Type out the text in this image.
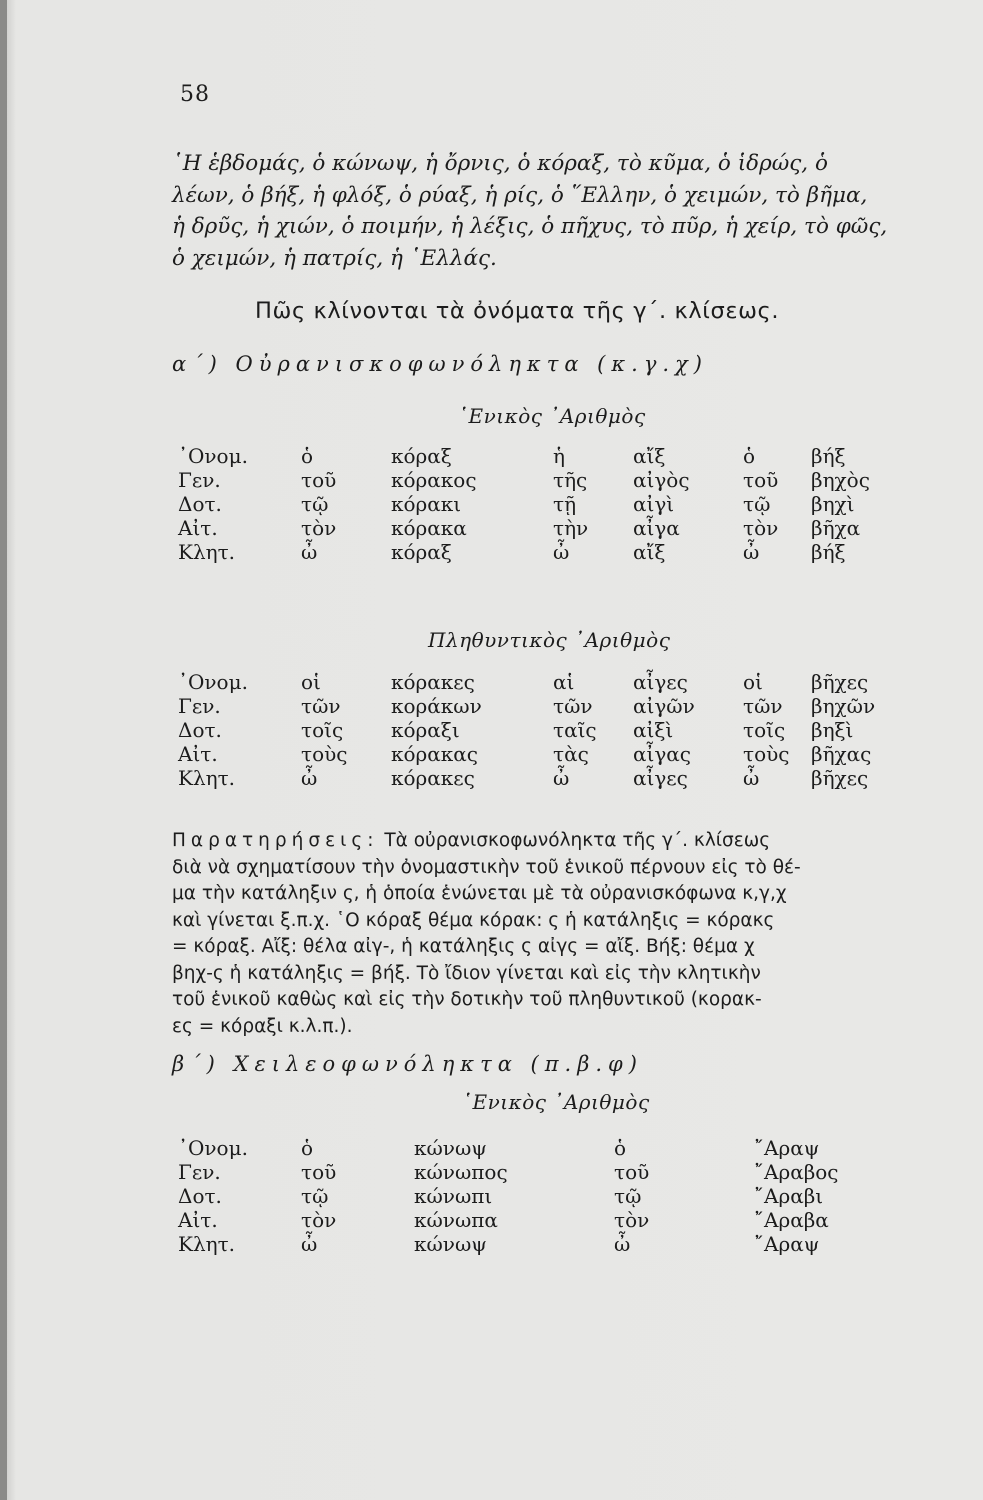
58
῾Η ἑβδομάς, ὁ κώνωψ, ἡ ὄρνις, ὁ κόραξ, τὸ κῦμα, ὁ ἱδρώς, ὁ
λέων, ὁ βήξ, ἡ φλόξ, ὁ ρύαξ, ἡ ρίς, ὁ ῞Ελλην, ὁ χειμών, τὸ βῆμα,
ἡ δρῦς, ἡ χιών, ὁ ποιμήν, ἡ λέξις, ὁ πῆχυς, τὸ πῦρ, ἡ χείρ, τὸ φῶς,
ὁ χειμών, ἡ πατρίς, ἡ ῾Ελλάς.
Πῶς κλίνονται τὰ ὀνόματα τῆς γ΄. κλίσεως.
α΄) Οὐρανισκοφωνόληκτα (κ.γ.χ)
῾Ενικὸς ᾿Αριθμὸς
᾿Ονομ.	ὁ	κόραξ	ἡ	αἴξ	ὁ	βήξ
Γεν.	τοῦ	κόρακος	τῆς	αἰγὸς	τοῦ	βηχὸς
Δοτ.	τῷ	κόρακι	τῇ	αἰγὶ	τῷ	βηχὶ
Αἰτ.	τὸν	κόρακα	τὴν	αἶγα	τὸν	βῆχα
Κλητ.	ὦ	κόραξ	ὦ	αἴξ	ὦ	βήξ
Πληθυντικὸς ᾿Αριθμὸς
᾿Ονομ.	οἱ	κόρακες	αἱ	αἶγες	οἱ	βῆχες
Γεν.	τῶν	κοράκων	τῶν	αἰγῶν	τῶν	βηχῶν
Δοτ.	τοῖς	κόραξι	ταῖς	αἰξὶ	τοῖς	βηξὶ
Αἰτ.	τοὺς	κόρακας	τὰς	αἶγας	τοὺς	βῆχας
Κλητ.	ὦ	κόρακες	ὦ	αἶγες	ὦ	βῆχες
Παρατηρήσεις: Τὰ οὐρανισκοφωνόληκτα τῆς γ΄. κλίσεως
διὰ νὰ σχηματίσουν τὴν ὀνομαστικὴν τοῦ ἑνικοῦ πέρνουν εἰς τὸ θέ-
μα τὴν κατάληξιν ς, ἡ ὁποία ἑνώνεται μὲ τὰ οὐρανισκόφωνα κ,γ,χ
καὶ γίνεται ξ.π.χ. ῾Ο κόραξ θέμα κόρακ: ς ἡ κατάληξις = κόρακς
= κόραξ. Αἴξ: θέλα αἰγ-, ἡ κατάληξις ς αἰγς = αἴξ. Βήξ: θέμα χ
βηχ-ς ἡ κατάληξις = βήξ. Τὸ ἴδιον γίνεται καὶ εἰς τὴν κλητικὴν
τοῦ ἑνικοῦ καθὼς καὶ εἰς τὴν δοτικὴν τοῦ πληθυντικοῦ (κορακ-
ες = κόραξι κ.λ.π.).
β΄) Χειλεοφωνόληκτα (π.β.φ)
῾Ενικὸς ᾿Αριθμὸς
᾿Ονομ.	ὁ	κώνωψ	ὁ	῎Αραψ
Γεν.	τοῦ	κώνωπος	τοῦ	῎Αραβος
Δοτ.	τῷ	κώνωπι	τῷ	῎Αραβι
Αἰτ.	τὸν	κώνωπα	τὸν	῎Αραβα
Κλητ.	ὦ	κώνωψ	ὦ	῎Αραψ
